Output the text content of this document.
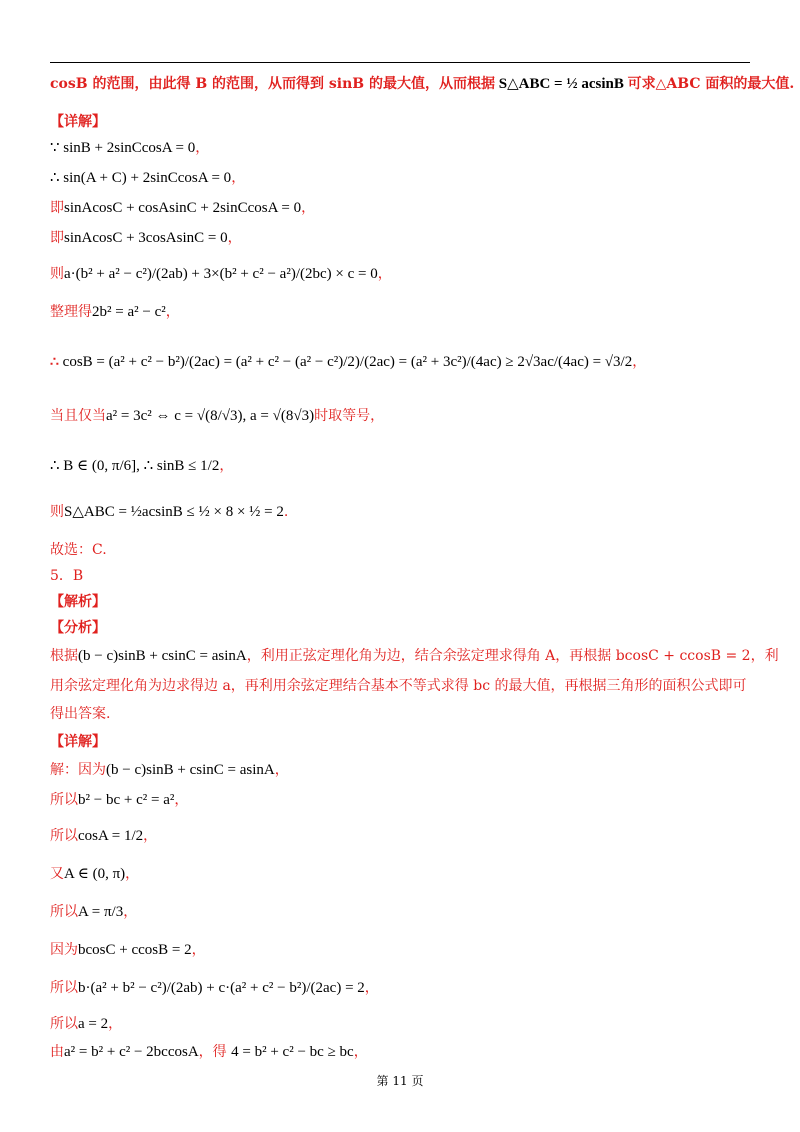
cosB 的范围，由此得 B 的范围，从而得到 sinB 的最大值，从而根据 S△ABC = ½ acsinB 可求△ABC 面积的最大值.
【详解】
∵ sinB + 2sinCcosA = 0，
∴ sin(A + C) + 2sinCcosA = 0，
即sinAcosC + cosAsinC + 2sinCcosA = 0，
即sinAcosC + 3cosAsinC = 0，
则a·(b² + a² − c²)/(2ab) + 3×(b² + c² − a²)/(2bc) × c = 0，
整理得2b² = a² − c²，
∴ cosB = (a² + c² − b²)/(2ac) = (a² + c² − (a² − c²)/2)/(2ac) = (a² + 3c²)/(4ac) ≥ 2√3ac/(4ac) = √3/2，
当且仅当a² = 3c² ⇔ c = √(8/√3), a = √(8√3)时取等号，
∴ B ∈ (0, π/6], ∴ sinB ≤ 1/2，
则S△ABC = ½acsinB ≤ ½ × 8 × ½ = 2.
故选：C.
5．B
【解析】
【分析】
根据(b − c)sinB + csinC = asinA，利用正弦定理化角为边，结合余弦定理求得角 A，再根据 bcosC + ccosB = 2，利
用余弦定理化角为边求得边 a，再利用余弦定理结合基本不等式求得 bc 的最大值，再根据三角形的面积公式即可
得出答案.
【详解】
解：因为(b − c)sinB + csinC = asinA，
所以b² − bc + c² = a²，
所以cosA = 1/2，
又A ∈ (0, π)，
所以A = π/3，
因为bcosC + ccosB = 2，
所以b·(a² + b² − c²)/(2ab) + c·(a² + c² − b²)/(2ac) = 2，
所以a = 2，
由a² = b² + c² − 2bccosA，得 4 = b² + c² − bc ≥ bc，
第 11 页
